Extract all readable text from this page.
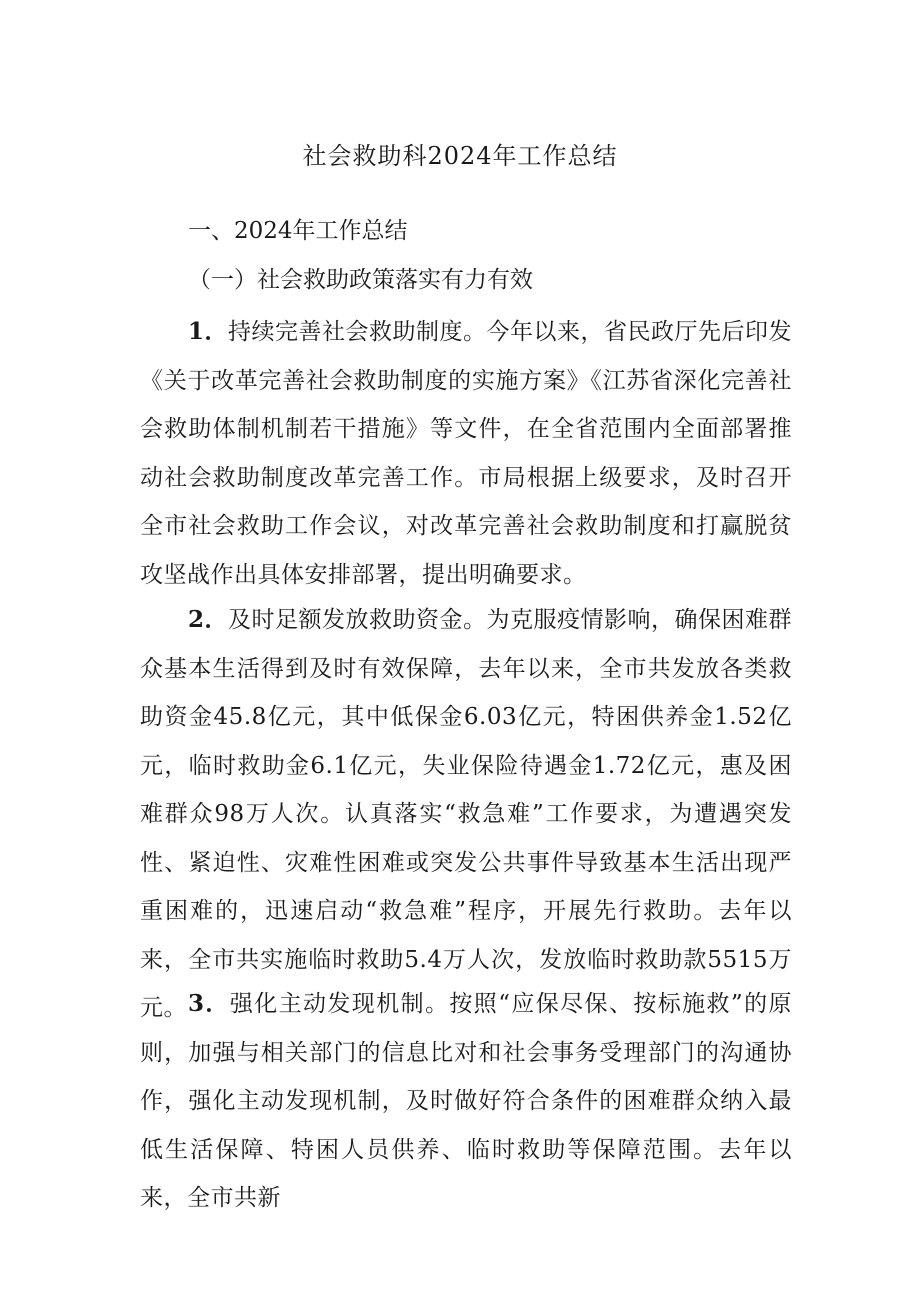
社会救助科2024年工作总结
一、2024年工作总结
（一）社会救助政策落实有力有效

1．持续完善社会救助制度。今年以来，省民政厅先后印发《关于改革完善社会救助制度的实施方案》《江苏省深化完善社会救助体制机制若干措施》等文件，在全省范围内全面部署推动社会救助制度改革完善工作。市局根据上级要求，及时召开全市社会救助工作会议，对改革完善社会救助制度和打赢脱贫攻坚战作出具体安排部署，提出明确要求。

2．及时足额发放救助资金。为克服疫情影响，确保困难群众基本生活得到及时有效保障，去年以来，全市共发放各类救助资金45.8亿元，其中低保金6.03亿元，特困供养金1.52亿元，临时救助金6.1亿元，失业保险待遇金1.72亿元，惠及困难群众98万人次。认真落实“救急难”工作要求，为遭遇突发性、紧迫性、灾难性困难或突发公共事件导致基本生活出现严重困难的，迅速启动“救急难”程序，开展先行救助。去年以来，全市共实施临时救助5.4万人次，发放临时救助款5515万元。 3．强化主动发现机制。按照“应保尽保、按标施救”的原则，加强与相关部门的信息比对和社会事务受理部门的沟通协作，强化主动发现机制，及时做好符合条件的困难群众纳入最低生活保障、特困人员供养、临时救助等保障范围。去年以来，全市共新
